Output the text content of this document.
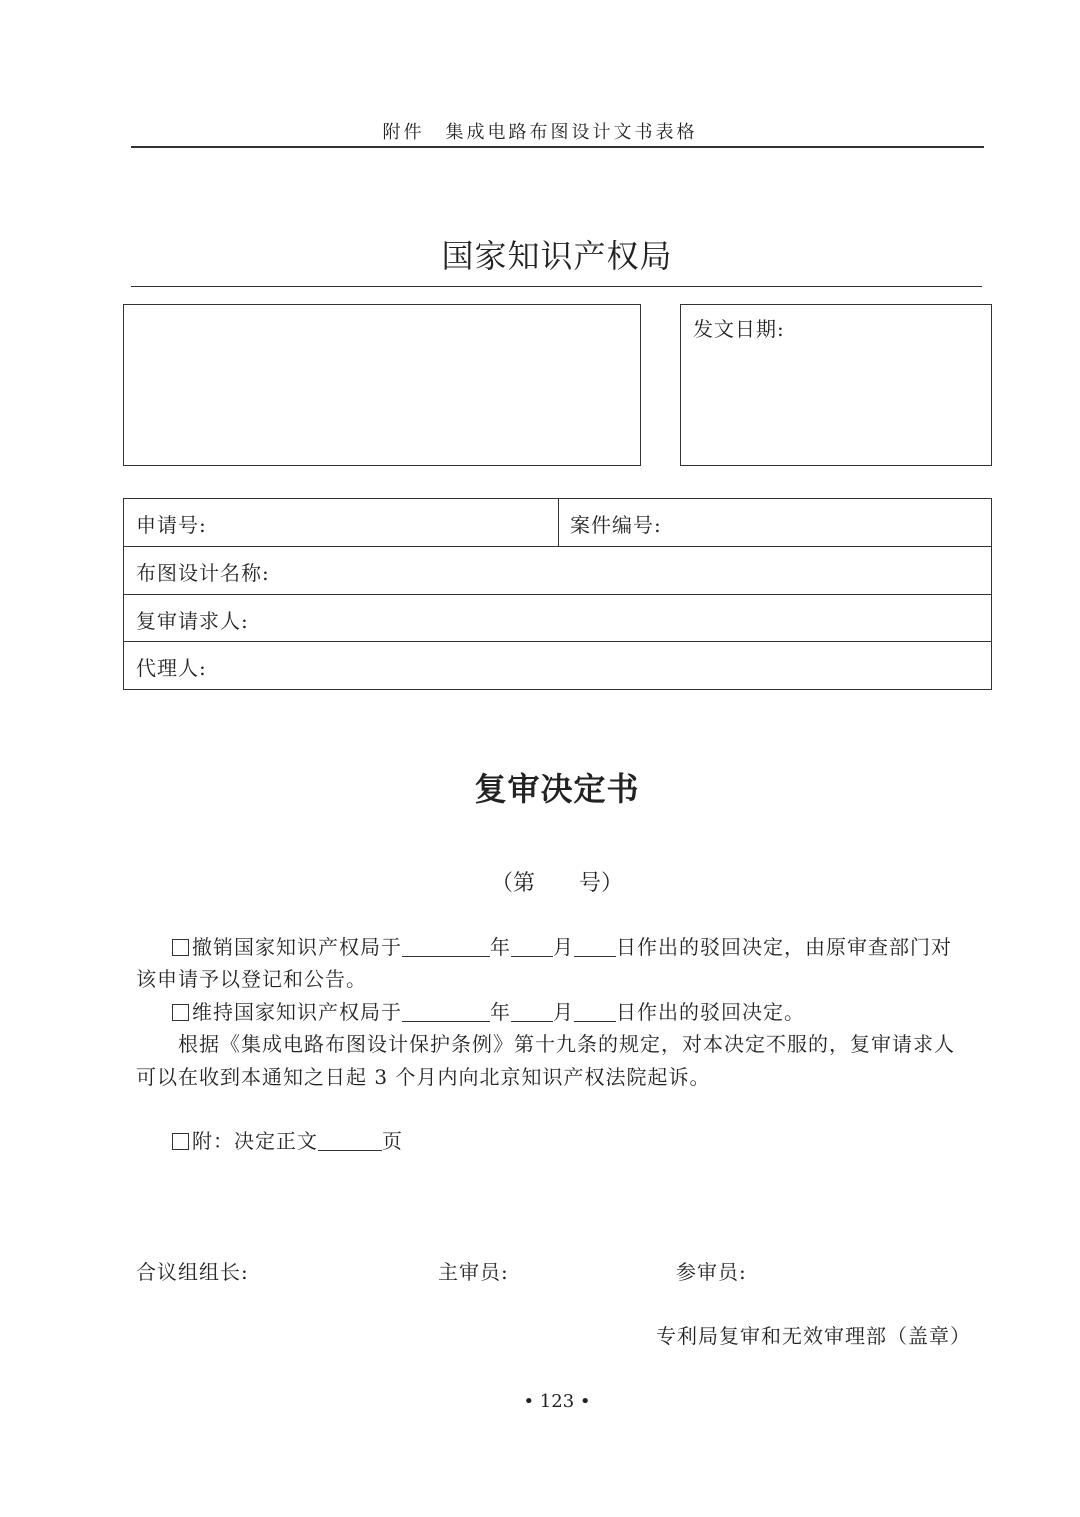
附件　集成电路布图设计文书表格
国家知识产权局
发文日期:
申请号:	案件编号:
布图设计名称:
复审请求人:
代理人:
复审决定书
（第 号）
撤销国家知识产权局于	年 月 日作出的驳回决定，由原审查部门对
该申请予以登记和公告。
维持国家知识产权局于	年 月 日作出的驳回决定。
根据《集成电路布图设计保护条例》第十九条的规定，对本决定不服的，复审请求人
可以在收到本通知之日起 3 个月内向北京知识产权法院起诉。
附：决定正文	页
合议组组长:	主审员:	参审员:
专利局复审和无效审理部（盖章）
• 123 •
